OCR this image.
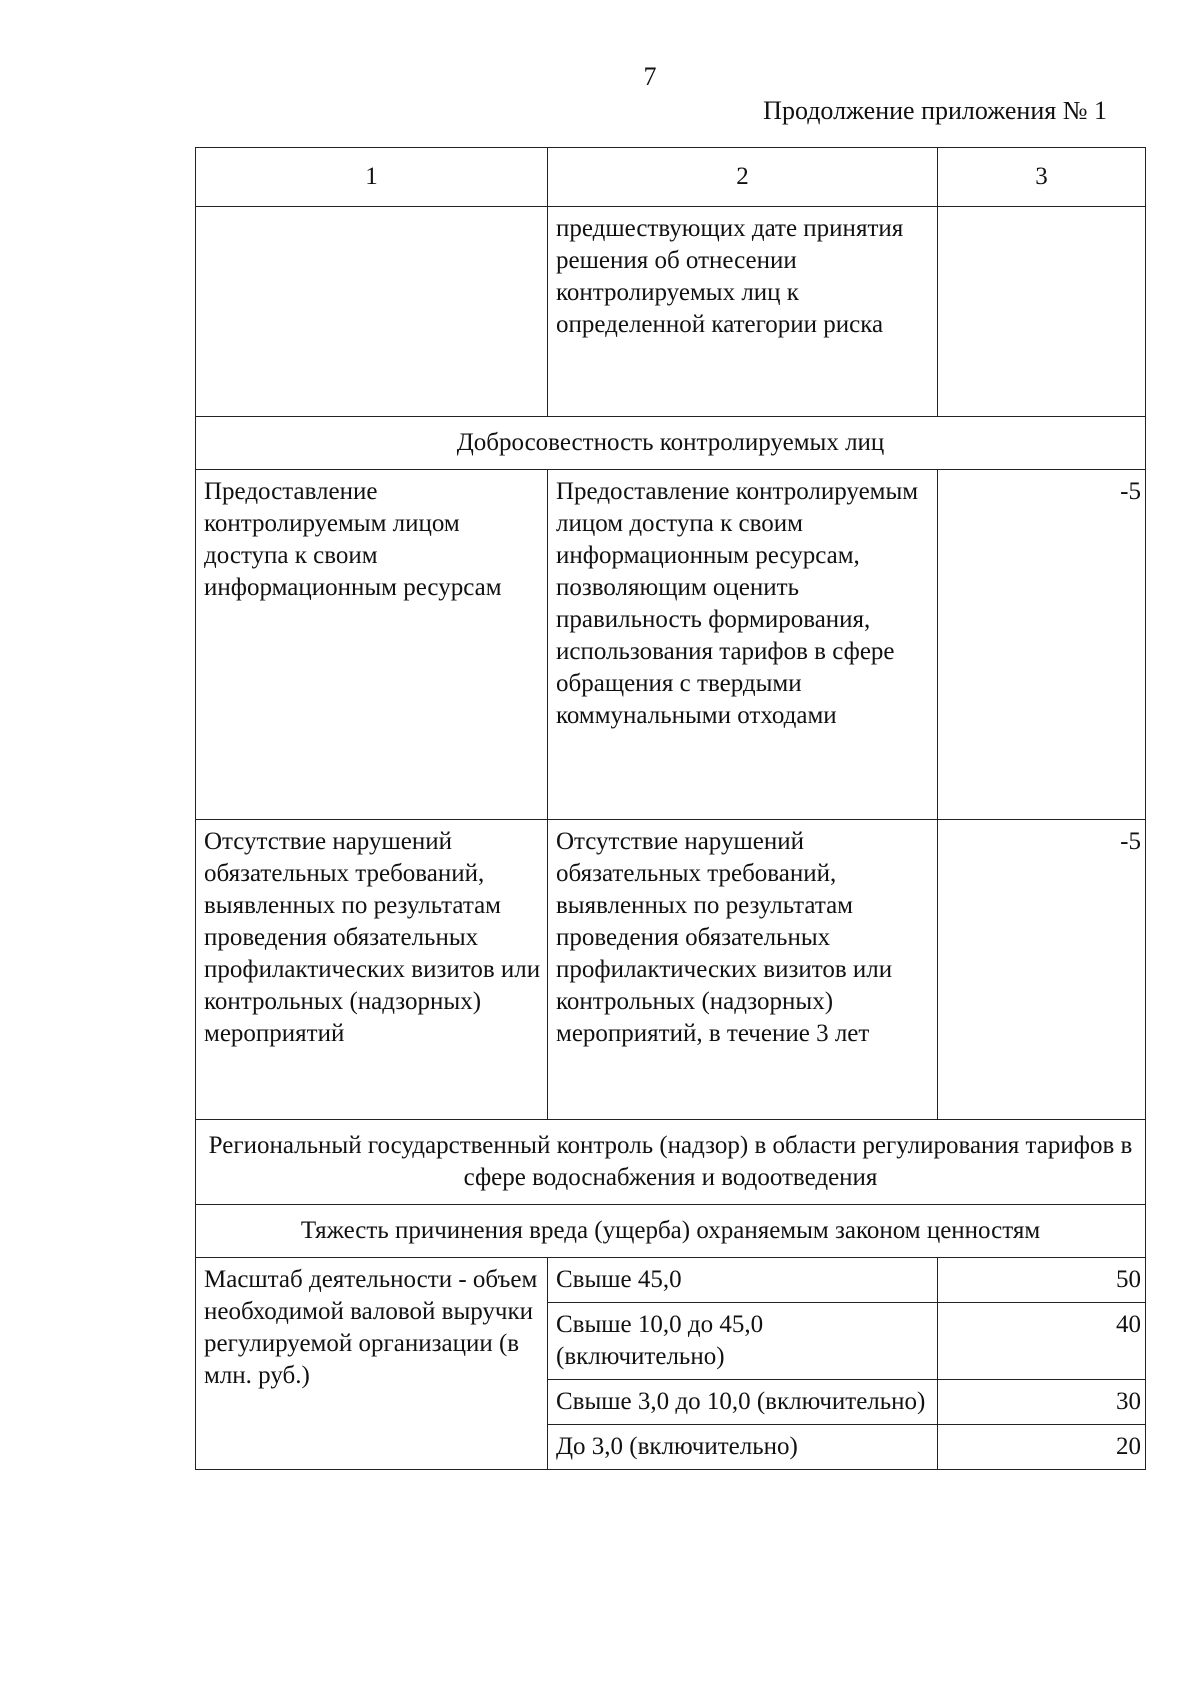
7
Продолжение приложения № 1
1	2	3
	предшествующих дате принятия решения об отнесении контролируемых лиц к определенной категории риска	
Добросовестность контролируемых лиц		
Предоставление контролируемым лицом доступа к своим информационным ресурсам	Предоставление контролируемым лицом доступа к своим информационным ресурсам, позволяющим оценить правильность формирования, использования тарифов в сфере обращения с твердыми коммунальными отходами	-5
Отсутствие нарушений обязательных требований, выявленных по результатам проведения обязательных профилактических визитов или контрольных (надзорных) мероприятий	Отсутствие нарушений обязательных требований, выявленных по результатам проведения обязательных профилактических визитов или контрольных (надзорных) мероприятий, в течение 3 лет	-5
Региональный государственный контроль (надзор) в области регулирования тарифов в сфере водоснабжения и водоотведения		
Тяжесть причинения вреда (ущерба) охраняемым законом ценностям		
Масштаб деятельности - объем необходимой валовой выручки регулируемой организации (в млн. руб.)	Свыше 45,0	50
	Свыше 10,0 до 45,0 (включительно)	40
	Свыше 3,0 до 10,0 (включительно)	30
	До 3,0 (включительно)	20
